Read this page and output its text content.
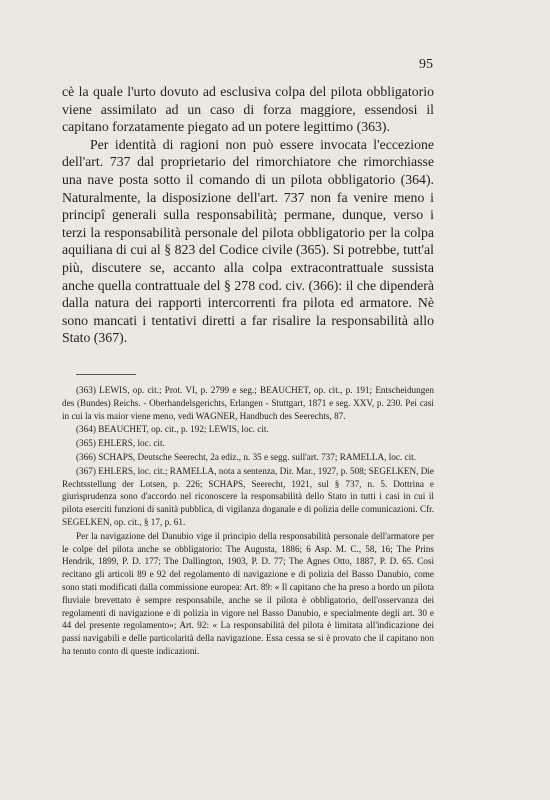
95

cè la quale l'urto dovuto ad esclusiva colpa del pilota obbligatorio viene assimilato ad un caso di forza maggiore, essendosi il capitano forzatamente piegato ad un potere legittimo (363).

Per identità di ragioni non può essere invocata l'eccezione dell'art. 737 dal proprietario del rimorchiatore che rimorchiasse una nave posta sotto il comando di un pilota obbligatorio (364). Naturalmente, la disposizione dell'art. 737 non fa venire meno i principî generali sulla responsabilità; permane, dunque, verso i terzi la responsabilità personale del pilota obbligatorio per la colpa aquiliana di cui al § 823 del Codice civile (365). Si potrebbe, tutt'al più, discutere se, accanto alla colpa extracontrattuale sussista anche quella contrattuale del § 278 cod. civ. (366): il che dipenderà dalla natura dei rapporti intercorrenti fra pilota ed armatore. Nè sono mancati i tentativi diretti a far risalire la responsabilità allo Stato (367).

(363) LEWIS, op. cit.; Prot. VI, p. 2799 e seg.; BEAUCHET, op. cit., p. 191; Entscheidungen des (Bundes) Reichs. - Oberhandelsgerichts, Erlangen - Stuttgart, 1871 e seg. XXV, p. 230. Pei casi in cui la vis maior viene meno, vedi WAGNER, Handbuch des Seerechts, 87.

(364) BEAUCHET, op. cit., p. 192; LEWIS, loc. cit.

(365) EHLERS, loc. cit.

(366) SCHAPS, Deutsche Seerecht, 2a ediz., n. 35 e segg. sull'art. 737; RAMELLA, loc. cit.

(367) EHLERS, loc. cit.; RAMELLA, nota a sentenza, Dir. Mar., 1927, p. 508; SEGELKEN, Die Rechtsstellung der Lotsen, p. 226; SCHAPS, Seerecht, 1921, sul § 737, n. 5. Dottrina e giurisprudenza sono d'accordo nel riconoscere la responsabilità dello Stato in tutti i casi in cui il pilota eserciti funzioni di sanità pubblica, di vigilanza doganale e di polizia delle comunicazioni. Cfr. SEGELKEN, op. cit., § 17, p. 61.

Per la navigazione del Danubio vige il principio della responsabilità personale dell'armatore per le colpe del pilota anche se obbligatorio: The Augusta, 1886; 6 Asp. M. C., 58, 16; The Prins Hendrik, 1899, P. D. 177; The Dallington, 1903, P. D. 77; The Agnes Otto, 1887, P. D. 65. Così recitano gli articoli 89 e 92 del regolamento di navigazione e di polizia del Basso Danubio, come sono stati modificati dalla commissione europea: Art. 89: « Il capitano che ha preso a bordo un pilota fluviale brevettato è sempre responsabile, anche se il pilota è obbligatorio, dell'osservanza dei regolamenti di navigazione e di polizia in vigore nel Basso Danubio, e specialmente degli art. 30 e 44 del presente regolamento»; Art. 92: « La responsabilità del pilota è limitata all'indicazione dei passi navigabili e delle particolarità della navigazione. Essa cessa se si è provato che il capitano non ha tenuto conto di queste indicazioni.
